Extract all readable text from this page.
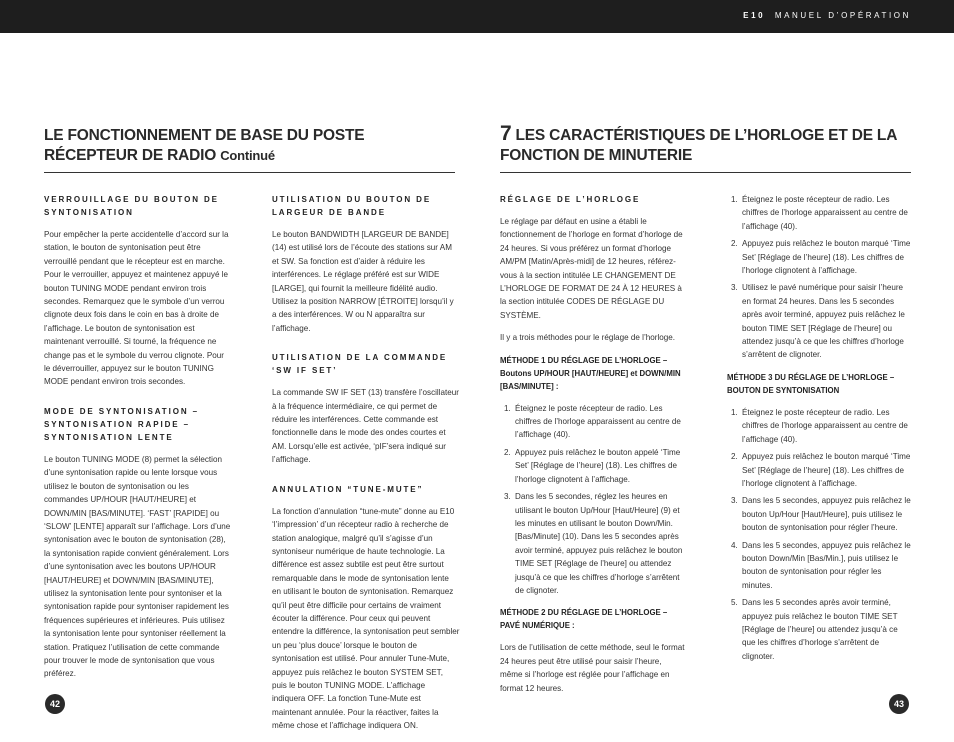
E10 MANUEL D’OPÉRATION
LE FONCTIONNEMENT DE BASE DU POSTE
RÉCEPTEUR DE RADIO Continué
7 LES CARACTÉRISTIQUES DE L’HORLOGE ET DE LA
FONCTION DE MINUTERIE
VERROUILLAGE DU BOUTON DE SYNTONISATION

Pour empêcher la perte accidentelle d’accord sur la station, le bouton de syntonisation peut être verrouillé pendant que le récepteur est en marche. Pour le verrouiller, appuyez et maintenez appuyé le bouton TUNING MODE pendant environ trois secondes. Remarquez que le symbole d’un verrou clignote deux fois dans le coin en bas à droite de l’affichage. Le bouton de syntonisation est maintenant verrouillé. Si tourné, la fréquence ne change pas et le symbole du verrou clignote. Pour le déverrouiller, appuyez sur le bouton TUNING MODE pendant environ trois secondes.

MODE DE SYNTONISATION – SYNTONISATION RAPIDE – SYNTONISATION LENTE

Le bouton TUNING MODE (8) permet la sélection d’une syntonisation rapide ou lente lorsque vous utilisez le bouton de syntonisation ou les commandes UP/HOUR [HAUT/HEURE] et DOWN/MIN [BAS/MINUTE]. ‘FAST’ [RAPIDE] ou ‘SLOW’ [LENTE] apparaît sur l’affichage. Lors d’une syntonisation avec le bouton de syntonisation (28), la syntonisation rapide convient généralement. Lors d’une syntonisation avec les boutons UP/HOUR [HAUT/HEURE] et DOWN/MIN [BAS/MINUTE], utilisez la syntonisation lente pour syntoniser et la syntonisation rapide pour syntoniser rapidement les fréquences supérieures et inférieures. Puis utilisez la syntonisation lente pour syntoniser réellement la station. Pratiquez l’utilisation de cette commande pour trouver le mode de syntonisation que vous préférez.

UTILISATION DU BOUTON DE LARGEUR DE BANDE

Le bouton BANDWIDTH [LARGEUR DE BANDE] (14) est utilisé lors de l’écoute des stations sur AM et SW. Sa fonction est d’aider à réduire les interférences. Le réglage préféré est sur WIDE [LARGE], qui fournit la meilleure fidélité audio. Utilisez la position NARROW [ÉTROITE] lorsqu’il y a des interférences. W ou N apparaîtra sur l’affichage.

UTILISATION DE LA COMMANDE ‘SW IF SET’

La commande SW IF SET (13) transfère l’oscillateur à la fréquence intermédiaire, ce qui permet de réduire les interférences. Cette commande est fonctionnelle dans le mode des ondes courtes et AM. Lorsqu’elle est activée, ‘pIF’sera indiqué sur l’affichage.

ANNULATION “TUNE-MUTE”

La fonction d’annulation “tune-mute” donne au E10 ‘l’impression’ d’un récepteur radio à recherche de station analogique, malgré qu’il s’agisse d’un syntoniseur numérique de haute technologie. La différence est assez subtile est peut être surtout remarquable dans le mode de syntonisation lente en utilisant le bouton de syntonisation. Remarquez qu’il peut être difficile pour certains de vraiment écouter la différence. Pour ceux qui peuvent entendre la différence, la syntonisation peut sembler un peu ‘plus douce’ lorsque le bouton de syntonisation est utilisé. Pour annuler Tune-Mute, appuyez puis relâchez le bouton SYSTEM SET, puis le bouton TUNING MODE. L’affichage indiquera OFF. La fonction Tune-Mute est maintenant annulée. Pour la réactiver, faites la même chose et l’affichage indiquera ON.

RÉGLAGE DE L’HORLOGE

Le réglage par défaut en usine a établi le fonctionnement de l’horloge en format d’horloge de 24 heures. Si vous préférez un format d’horloge AM/PM [Matin/Après-midi] de 12 heures, référez-vous à la section intitulée LE CHANGEMENT DE L’HORLOGE DE FORMAT DE 24 À 12 HEURES à la section intitulée CODES DE RÉGLAGE DU SYSTÈME.

Il y a trois méthodes pour le réglage de l’horloge.

MÉTHODE 1 DU RÉGLAGE DE L’HORLOGE – Boutons UP/HOUR [HAUT/HEURE] et DOWN/MIN [BAS/MINUTE] :
1. Éteignez le poste récepteur de radio. Les chiffres de l’horloge apparaissent au centre de l’affichage (40).
2. Appuyez puis relâchez le bouton appelé ‘Time Set’ [Réglage de l’heure] (18). Les chiffres de l’horloge clignotent à l’affichage.
3. Dans les 5 secondes, réglez les heures en utilisant le bouton Up/Hour [Haut/Heure] (9) et les minutes en utilisant le bouton Down/Min. [Bas/Minute] (10). Dans les 5 secondes après avoir terminé, appuyez puis relâchez le bouton TIME SET [Réglage de l’heure] ou attendez jusqu’à ce que les chiffres d’horloge s’arrêtent de clignoter.
MÉTHODE 2 DU RÉGLAGE DE L’HORLOGE – PAVÉ NUMÉRIQUE :

Lors de l’utilisation de cette méthode, seul le format 24 heures peut être utilisé pour saisir l’heure, même si l’horloge est réglée pour l’affichage en format 12 heures.

1. Éteignez le poste récepteur de radio. Les chiffres de l’horloge apparaissent au centre de l’affichage (40).
2. Appuyez puis relâchez le bouton marqué ‘Time Set’ [Réglage de l’heure] (18). Les chiffres de l’horloge clignotent à l’affichage.
3. Utilisez le pavé numérique pour saisir l’heure en format 24 heures. Dans les 5 secondes après avoir terminé, appuyez puis relâchez le bouton TIME SET [Réglage de l’heure] ou attendez jusqu’à ce que les chiffres d’horloge s’arrêtent de clignoter.
MÉTHODE 3 DU RÉGLAGE DE L’HORLOGE – BOUTON DE SYNTONISATION
1. Éteignez le poste récepteur de radio. Les chiffres de l’horloge apparaissent au centre de l’affichage (40).
2. Appuyez puis relâchez le bouton marqué ‘Time Set’ [Réglage de l’heure] (18). Les chiffres de l’horloge clignotent à l’affichage.
3. Dans les 5 secondes, appuyez puis relâchez le bouton Up/Hour [Haut/Heure], puis utilisez le bouton de syntonisation pour régler l’heure.
4. Dans les 5 secondes, appuyez puis relâchez le bouton Down/Min [Bas/Min.], puis utilisez le bouton de syntonisation pour régler les minutes.
5. Dans les 5 secondes après avoir terminé, appuyez puis relâchez le bouton TIME SET [Réglage de l’heure] ou attendez jusqu’à ce que les chiffres d’horloge s’arrêtent de clignoter.
42	43
